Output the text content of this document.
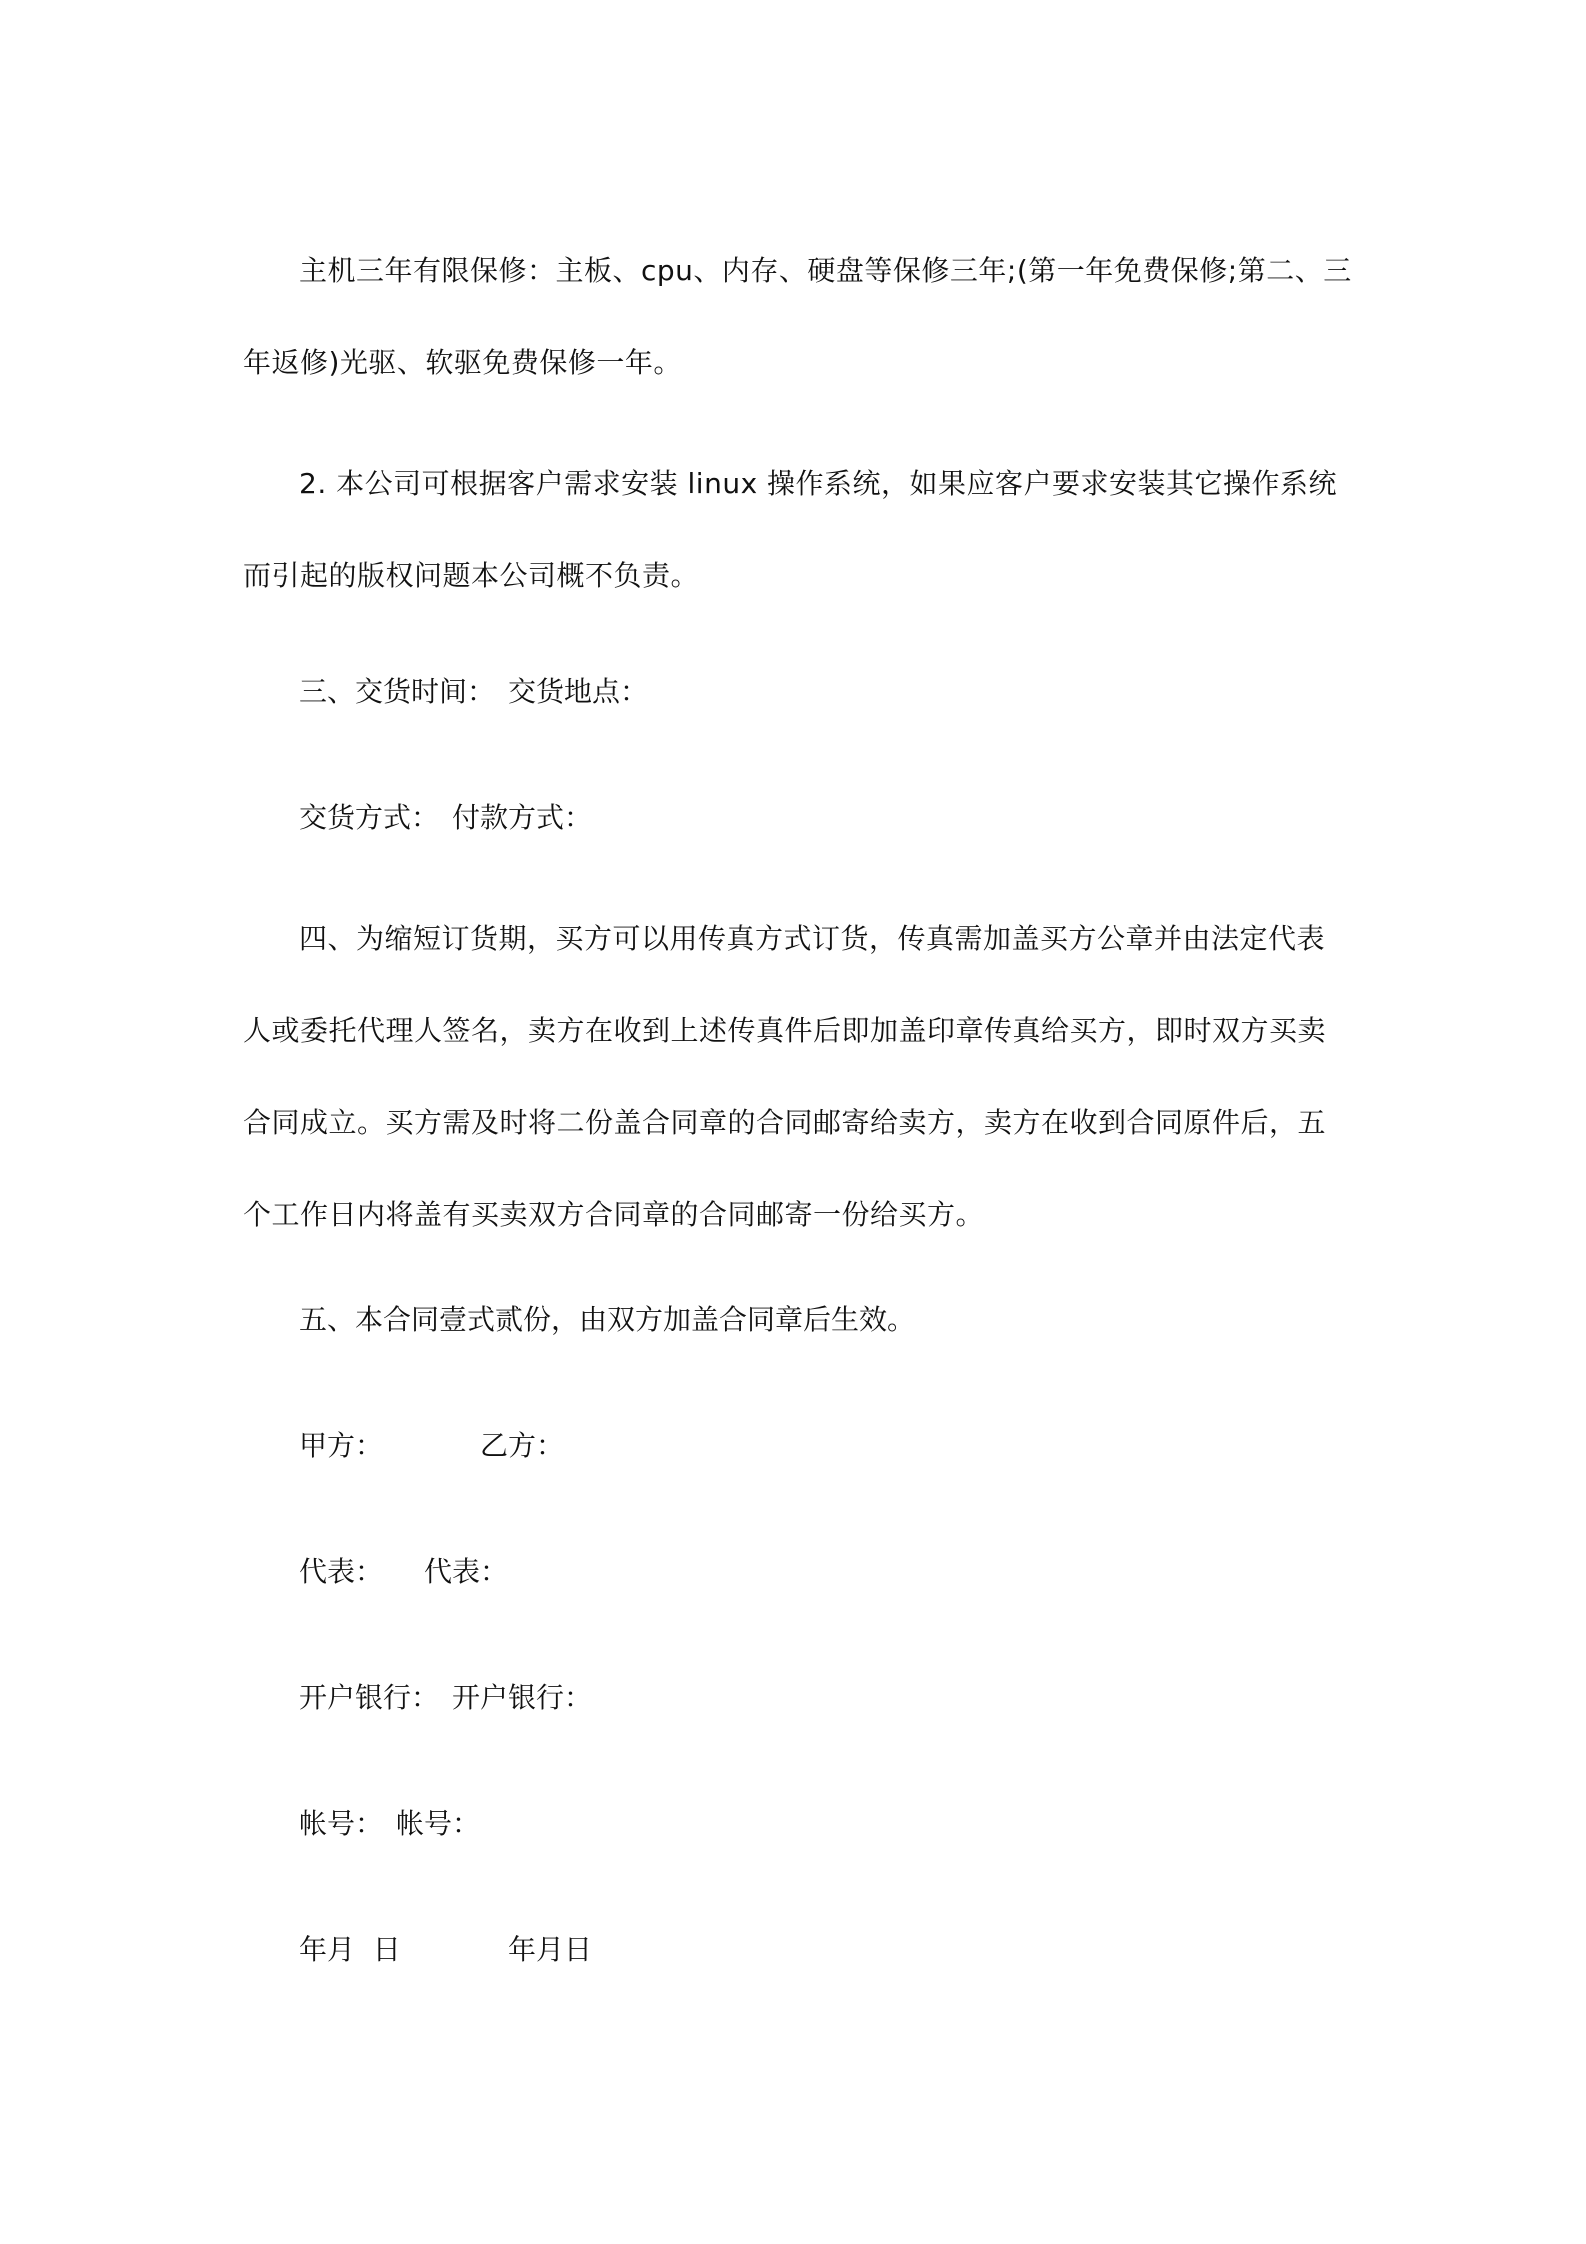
主机三年有限保修：主板、cpu、内存、硬盘等保修三年;(第一年免费保修;第二、三年返修)光驱、软驱免费保修一年。

2. 本公司可根据客户需求安装 linux 操作系统，如果应客户要求安装其它操作系统而引起的版权问题本公司概不负责。

三、交货时间： 交货地点：
交货方式： 付款方式：

四、为缩短订货期，买方可以用传真方式订货，传真需加盖买方公章并由法定代表人或委托代理人签名，卖方在收到上述传真件后即加盖印章传真给买方，即时双方买卖合同成立。买方需及时将二份盖合同章的合同邮寄给卖方，卖方在收到合同原件后，五个工作日内将盖有买卖双方合同章的合同邮寄一份给买方。

五、本合同壹式贰份，由双方加盖合同章后生效。
甲方：	乙方：
代表： 代表：
开户银行： 开户银行：
帐号： 帐号：
年月  日	年月日
